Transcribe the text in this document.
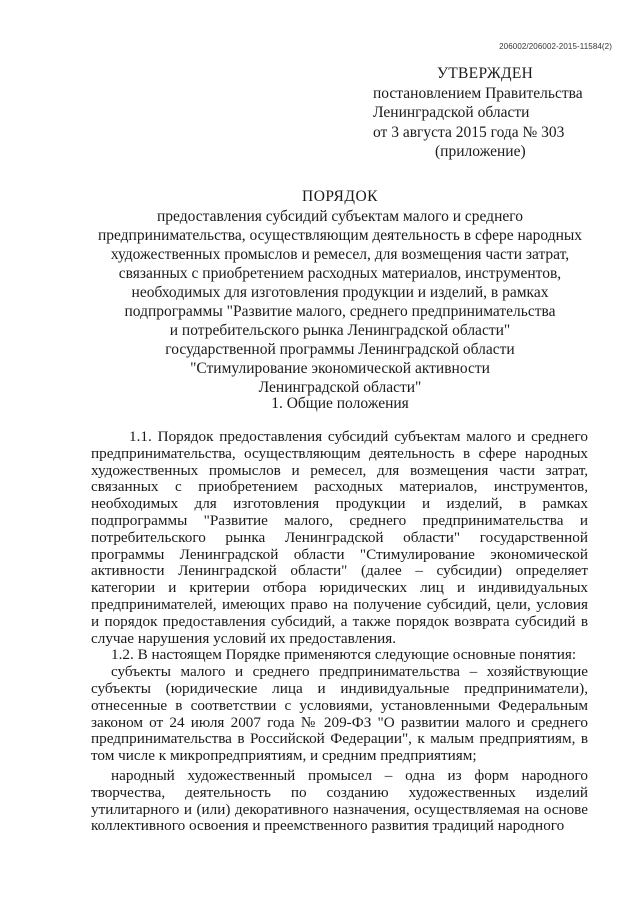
206002/206002-2015-11584(2)
УТВЕРЖДЕН
постановлением Правительства
Ленинградской области
от 3 августа 2015 года № 303
(приложение)
ПОРЯДОК
предоставления субсидий субъектам малого и среднего
предпринимательства, осуществляющим деятельность в сфере народных
художественных промыслов и ремесел, для возмещения части затрат,
связанных с приобретением расходных материалов, инструментов,
необходимых для изготовления продукции и изделий, в рамках
подпрограммы "Развитие малого, среднего предпринимательства
и потребительского рынка Ленинградской области"
государственной программы Ленинградской области
"Стимулирование экономической активности
Ленинградской области"
1. Общие положения

1.1. Порядок предоставления субсидий субъектам малого и среднего предпринимательства, осуществляющим деятельность в сфере народных художественных промыслов и ремесел, для возмещения части затрат, связанных с приобретением расходных материалов, инструментов, необходимых для изготовления продукции и изделий, в рамках подпрограммы "Развитие малого, среднего предпринимательства и потребительского рынка Ленинградской области" государственной программы Ленинградской области "Стимулирование экономической активности Ленинградской области" (далее – субсидии) определяет категории и критерии отбора юридических лиц и индивидуальных предпринимателей, имеющих право на получение субсидий, цели, условия и порядок предоставления субсидий, а также порядок возврата субсидий в случае нарушения условий их предоставления.

1.2. В настоящем Порядке применяются следующие основные понятия:

субъекты малого и среднего предпринимательства – хозяйствующие субъекты (юридические лица и индивидуальные предприниматели), отнесенные в соответствии с условиями, установленными Федеральным законом от 24 июля 2007 года № 209-ФЗ "О развитии малого и среднего предпринимательства в Российской Федерации", к малым предприятиям, в том числе к микропредприятиям, и средним предприятиям;

народный художественный промысел – одна из форм народного творчества, деятельность по созданию художественных изделий утилитарного и (или) декоративного назначения, осуществляемая на основе коллективного освоения и преемственного развития традиций народного
